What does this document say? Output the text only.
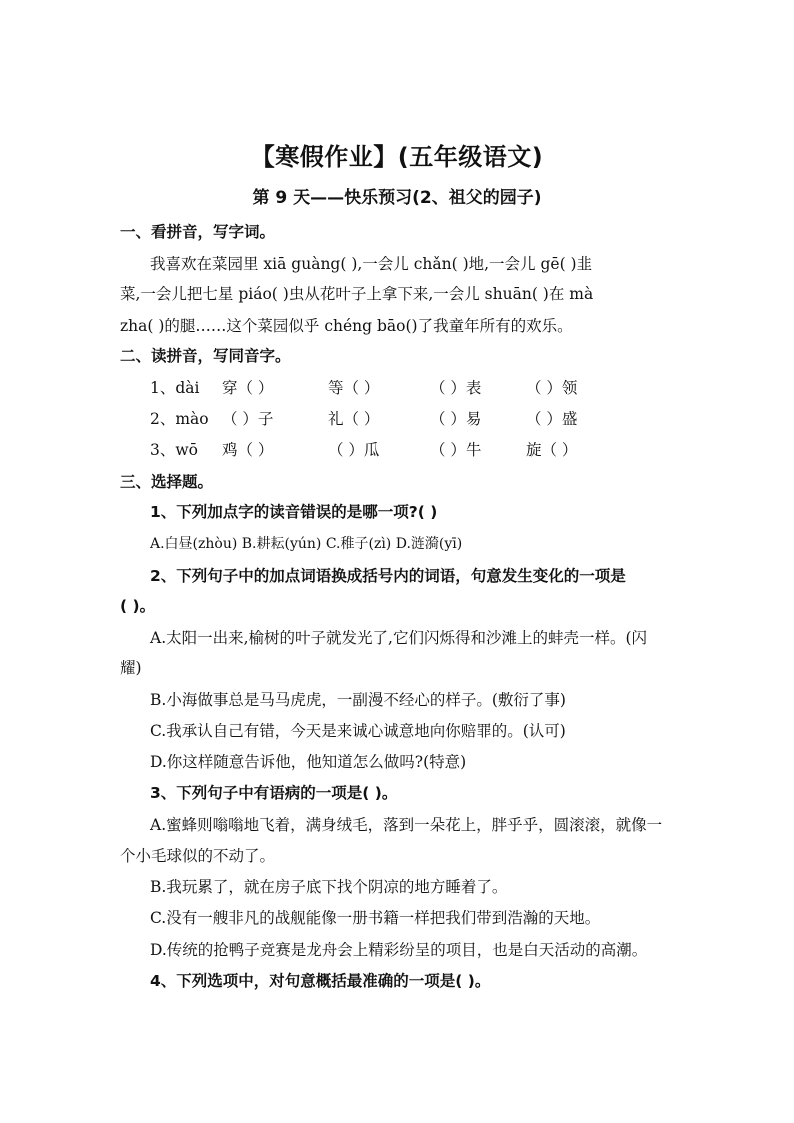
【寒假作业】(五年级语文)
第 9 天——快乐预习(2、祖父的园子)
一、看拼音，写字词。
我喜欢在菜园里 xiā guàng( ),一会儿 chǎn( )地,一会儿 gē( )韭
菜,一会儿把七星 piáo( )虫从花叶子上拿下来,一会儿 shuān( )在 mà
zha( )的腿……这个菜园似乎 chéng bāo()了我童年所有的欢乐。
二、读拼音，写同音字。
1、dài 穿（ ）	等（ ）	（ ）表	（ ）领
2、mào （ ）子	礼（ ）	（ ）易	（ ）盛
3、wō 鸡（ ）	（ ）瓜	（ ）牛	旋（ ）
三、选择题。
1、下列加点字的读音错误的是哪一项?( )
A.白昼(zhòu) B.耕耘(yún) C.稚子(zì) D.涟漪(yī)
2、下列句子中的加点词语换成括号内的词语，句意发生变化的一项是
( )。
A.太阳一出来,榆树的叶子就发光了,它们闪烁得和沙滩上的蚌壳一样。(闪
耀)
B.小海做事总是马马虎虎，一副漫不经心的样子。(敷衍了事)
C.我承认自己有错，今天是来诚心诚意地向你赔罪的。(认可)
D.你这样随意告诉他，他知道怎么做吗?(特意)
3、下列句子中有语病的一项是( )。
A.蜜蜂则嗡嗡地飞着，满身绒毛，落到一朵花上，胖乎乎，圆滚滚，就像一
个小毛球似的不动了。
B.我玩累了，就在房子底下找个阴凉的地方睡着了。
C.没有一艘非凡的战舰能像一册书籍一样把我们带到浩瀚的天地。
D.传统的抢鸭子竞赛是龙舟会上精彩纷呈的项目，也是白天活动的高潮。
4、下列选项中，对句意概括最准确的一项是( )。
